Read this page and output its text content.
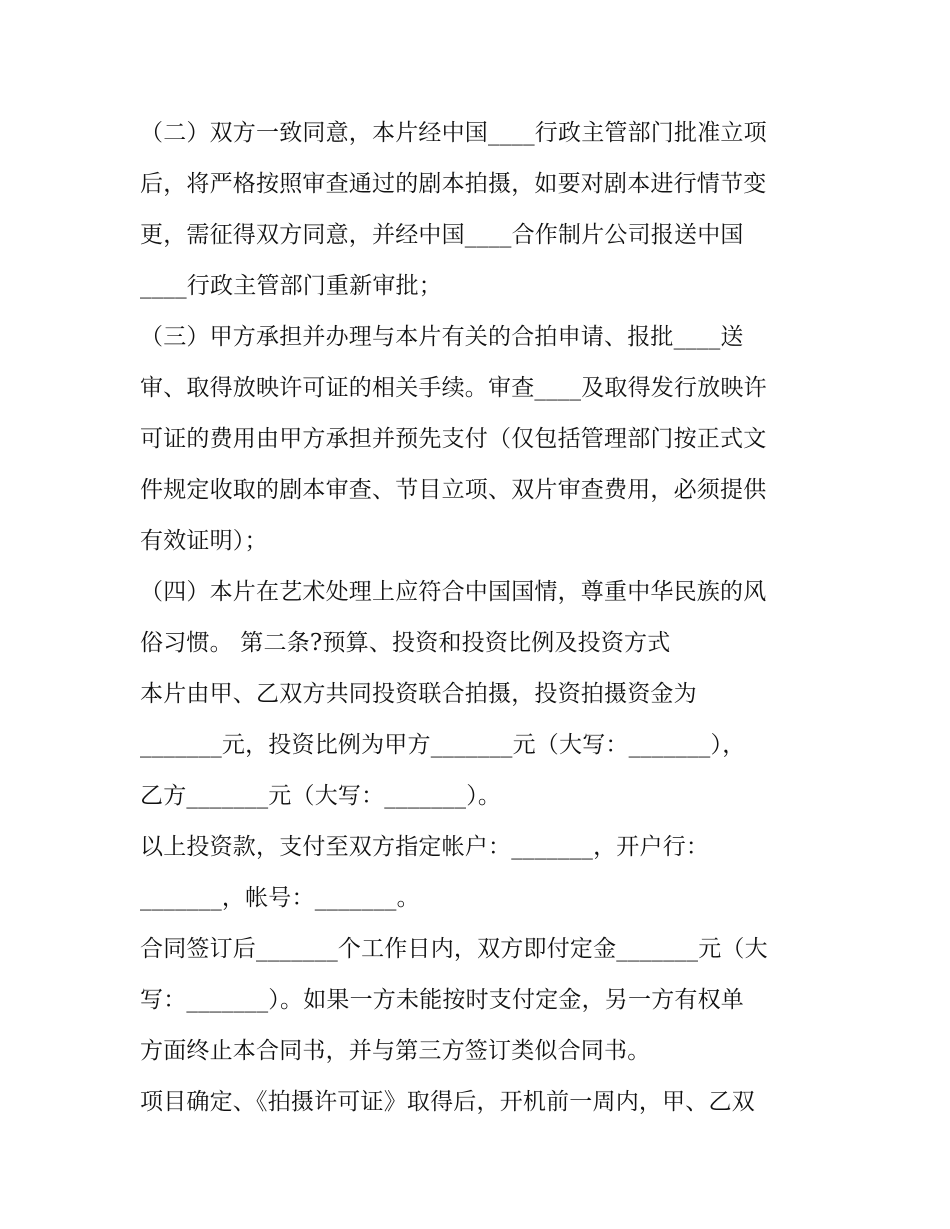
（二）双方一致同意，本片经中国____行政主管部门批准立项
后，将严格按照审查通过的剧本拍摄，如要对剧本进行情节变
更，需征得双方同意，并经中国____合作制片公司报送中国
____行政主管部门重新审批；
（三）甲方承担并办理与本片有关的合拍申请、报批____送
审、取得放映许可证的相关手续。审查____及取得发行放映许
可证的费用由甲方承担并预先支付（仅包括管理部门按正式文
件规定收取的剧本审查、节目立项、双片审查费用，必须提供
有效证明）；
（四）本片在艺术处理上应符合中国国情，尊重中华民族的风
俗习惯。 第二条?预算、投资和投资比例及投资方式
本片由甲、乙双方共同投资联合拍摄，投资拍摄资金为
_______元，投资比例为甲方_______元（大写：_______），
乙方_______元（大写：_______）。
以上投资款，支付至双方指定帐户：_______，开户行：
_______，帐号：_______。
合同签订后_______个工作日内，双方即付定金_______元（大
写：_______）。如果一方未能按时支付定金，另一方有权单
方面终止本合同书，并与第三方签订类似合同书。
项目确定、《拍摄许可证》取得后，开机前一周内，甲、乙双
